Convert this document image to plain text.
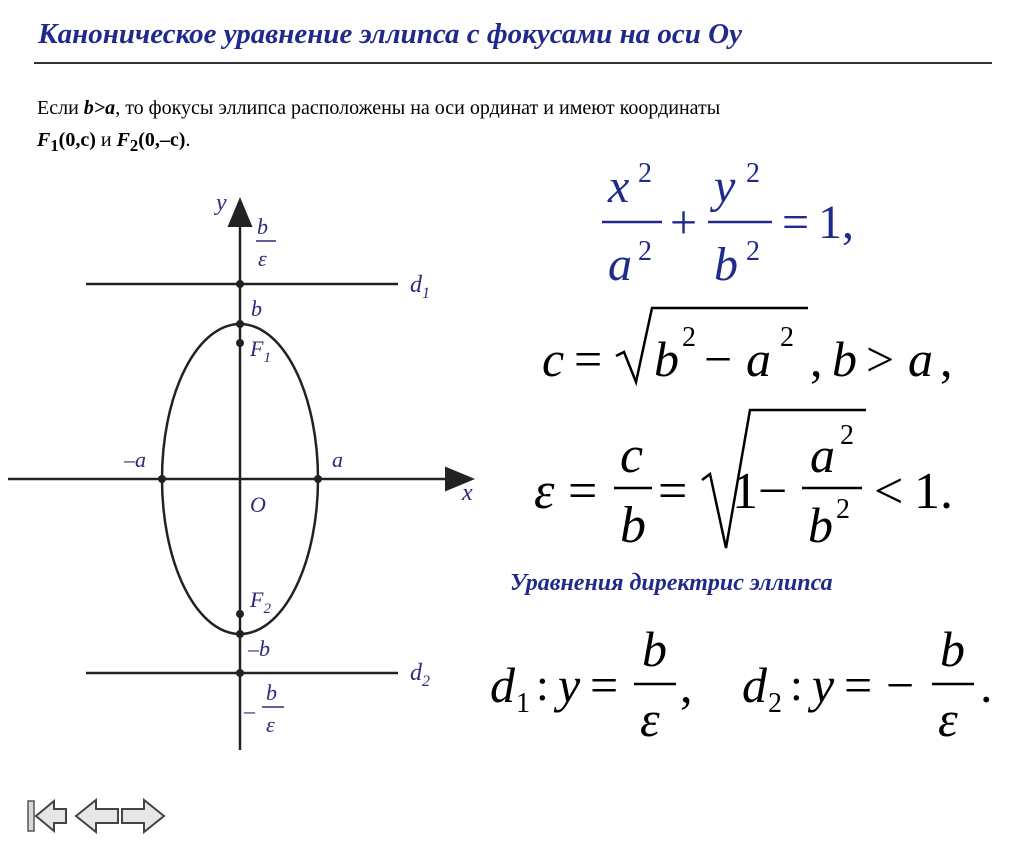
Каноническое уравнение эллипса с фокусами на оси Оу

Если b>a, то фокусы эллипса расположены на оси ординат и имеют координаты
$F_1(0,c)$ и $F_2(0,-c)$.

y
x
O
b
ε
b
$F_1$
–a	a
$F_2$
–b
–
b
ε
$d_1$
$d_2$
x 2
a 2
+
y 2
b 2
= 1,
c = b 2 − a 2 , b > a ,
ε =
c
b
= 1 −
a 2
b 2 < 1.
Уравнения директрис эллипса
d 1 : y =
b
ε
, d 2 : y = −
b
ε
.
